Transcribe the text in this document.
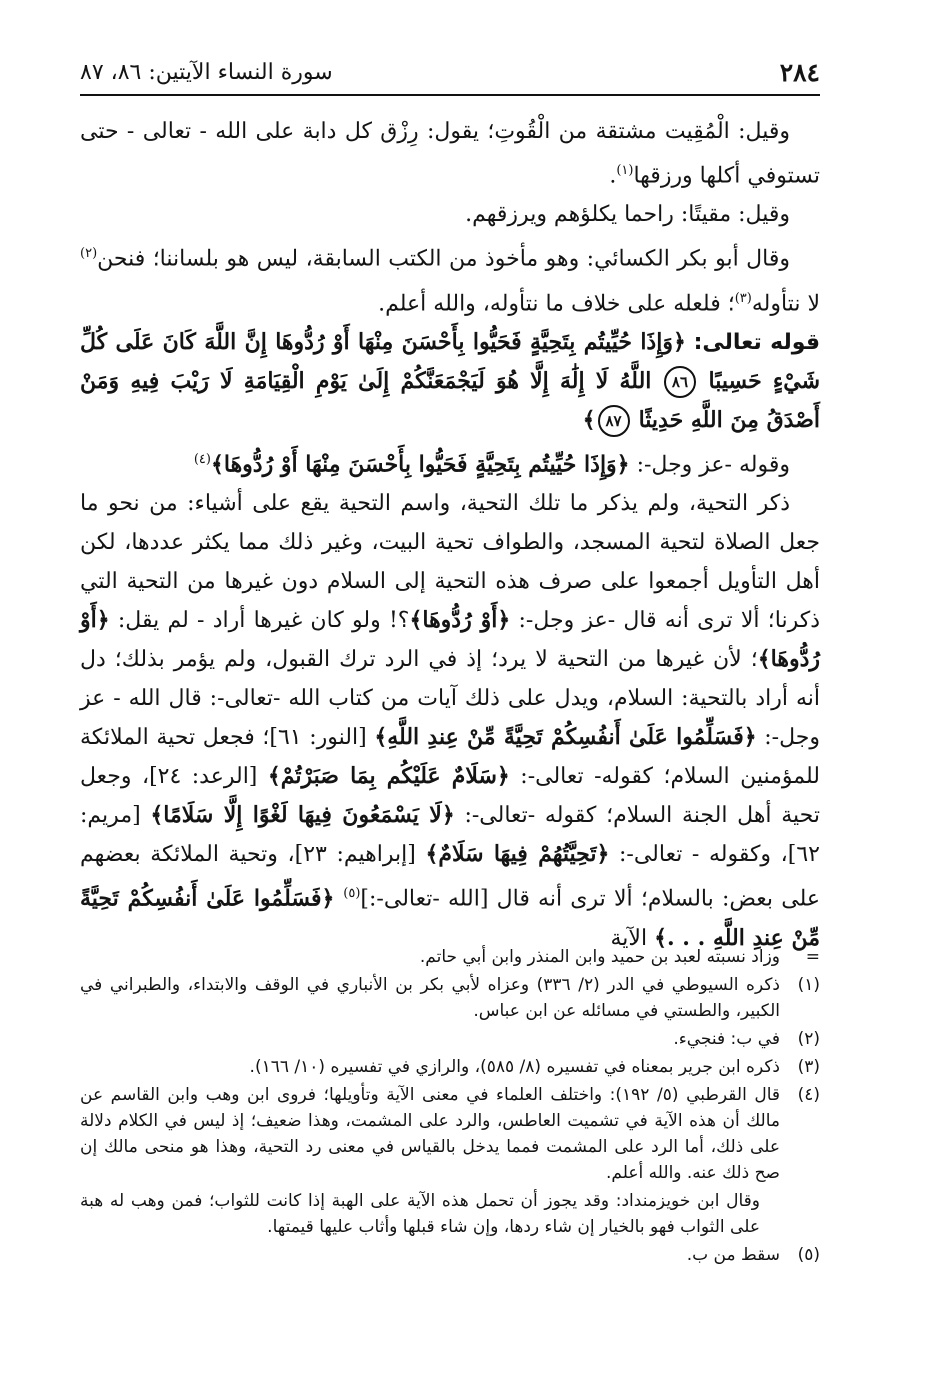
٢٨٤
سورة النساء الآيتين: ٨٦، ٨٧

وقيل: الْمُقِيت مشتقة من الْقُوتِ؛ يقول: رِزْق كل دابة على الله - تعالى - حتى تستوفي أكلها ورزقها$^{(١)}$.

وقيل: مقيتًا: راحما يكلؤهم ويرزقهم.

وقال أبو بكر الكسائي: وهو مأخوذ من الكتب السابقة، ليس هو بلساننا؛ فنحن$^{(٢)}$ لا نتأوله$^{(٣)}$؛ فلعله على خلاف ما نتأوله، والله أعلم.

قوله تعالى: ﴿وَإِذَا حُيِّيتُم بِتَحِيَّةٍ فَحَيُّوا بِأَحْسَنَ مِنْهَا أَوْ رُدُّوهَا إِنَّ اللَّهَ كَانَ عَلَى كُلِّ شَيْءٍ حَسِيبًا ٨٦ اللَّهُ لَا إِلَٰهَ إِلَّا هُوَ لَيَجْمَعَنَّكُمْ إِلَىٰ يَوْمِ الْقِيَامَةِ لَا رَيْبَ فِيهِ وَمَنْ أَصْدَقُ مِنَ اللَّهِ حَدِيثًا ٨٧﴾

وقوله -عز وجل-: ﴿وَإِذَا حُيِّيتُم بِتَحِيَّةٍ فَحَيُّوا بِأَحْسَنَ مِنْهَا أَوْ رُدُّوهَا﴾$^{(٤)}$

ذكر التحية، ولم يذكر ما تلك التحية، واسم التحية يقع على أشياء: من نحو ما جعل الصلاة لتحية المسجد، والطواف تحية البيت، وغير ذلك مما يكثر عددها، لكن أهل التأويل أجمعوا على صرف هذه التحية إلى السلام دون غيرها من التحية التي ذكرنا؛ ألا ترى أنه قال -عز وجل-: ﴿أَوْ رُدُّوهَا﴾؟! ولو كان غيرها أراد - لم يقل: ﴿أَوْ رُدُّوهَا﴾؛ لأن غيرها من التحية لا يرد؛ إذ في الرد ترك القبول، ولم يؤمر بذلك؛ دل أنه أراد بالتحية: السلام، ويدل على ذلك آيات من كتاب الله -تعالى-: قال الله - عز وجل-: ﴿فَسَلِّمُوا عَلَىٰ أَنفُسِكُمْ تَحِيَّةً مِّنْ عِندِ اللَّهِ﴾ [النور: ٦١]؛ فجعل تحية الملائكة للمؤمنين السلام؛ كقوله- تعالى-: ﴿سَلَامٌ عَلَيْكُم بِمَا صَبَرْتُمْ﴾ [الرعد: ٢٤]، وجعل تحية أهل الجنة السلام؛ كقوله -تعالى-: ﴿لَا يَسْمَعُونَ فِيهَا لَغْوًا إِلَّا سَلَامًا﴾ [مريم: ٦٢]، وكقوله - تعالى-: ﴿تَحِيَّتُهُمْ فِيهَا سَلَامٌ﴾ [إبراهيم: ٢٣]، وتحية الملائكة بعضهم على بعض: بالسلام؛ ألا ترى أنه قال [الله -تعالى-:]$^{(٥)}$ ﴿فَسَلِّمُوا عَلَىٰ أَنفُسِكُمْ تَحِيَّةً مِّنْ عِندِ اللَّهِ . . .﴾ الآية

=
وزاد نسبته لعبد بن حميد وابن المنذر وابن أبي حاتم.
(١)
ذكره السيوطي في الدر (٢/ ٣٣٦) وعزاه لأبي بكر بن الأنباري في الوقف والابتداء، والطبراني في الكبير، والطستي في مسائله عن ابن عباس.
(٢)
في ب: فنجيء.
(٣)
ذكره ابن جرير بمعناه في تفسيره (٨/ ٥٨٥)، والرازي في تفسيره (١٠/ ١٦٦).
(٤)
قال القرطبي (٥/ ١٩٢): واختلف العلماء في معنى الآية وتأويلها؛ فروى ابن وهب وابن القاسم عن مالك أن هذه الآية في تشميت العاطس، والرد على المشمت، وهذا ضعيف؛ إذ ليس في الكلام دلالة على ذلك، أما الرد على المشمت فمما يدخل بالقياس في معنى رد التحية، وهذا هو منحى مالك إن صح ذلك عنه. والله أعلم.
وقال ابن خويزمنداد: وقد يجوز أن تحمل هذه الآية على الهبة إذا كانت للثواب؛ فمن وهب له هبة على الثواب فهو بالخيار إن شاء ردها، وإن شاء قبلها وأثاب عليها قيمتها.
(٥)
سقط من ب.
